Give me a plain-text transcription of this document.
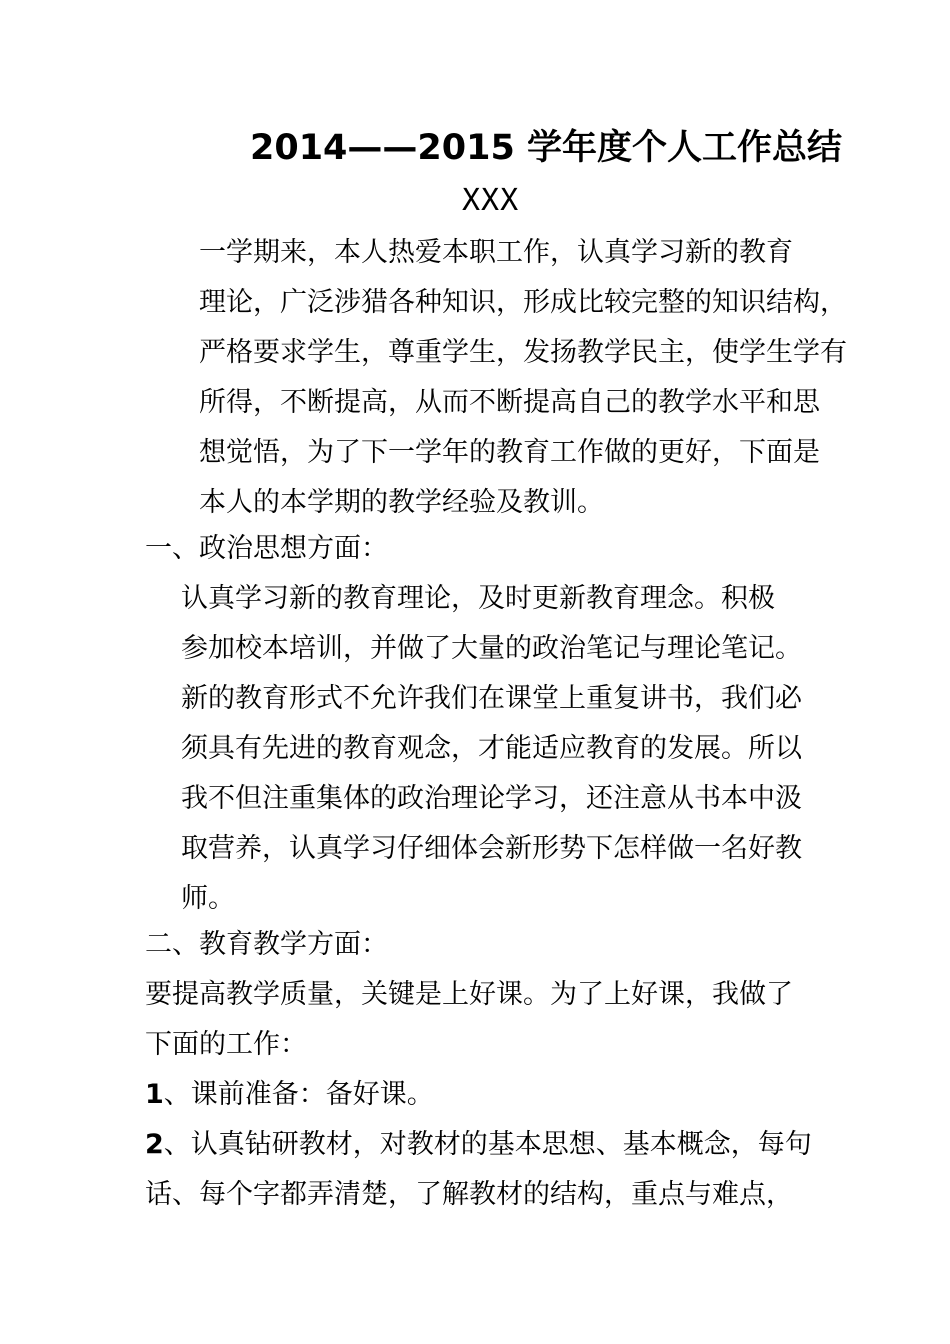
2014——2015 学年度个人工作总结
XXX
一学期来，本人热爱本职工作，认真学习新的教育
理论，广泛涉猎各种知识，形成比较完整的知识结构，
严格要求学生，尊重学生，发扬教学民主，使学生学有
所得，不断提高，从而不断提高自己的教学水平和思
想觉悟，为了下一学年的教育工作做的更好，下面是
本人的本学期的教学经验及教训。
一、政治思想方面：
认真学习新的教育理论，及时更新教育理念。积极
参加校本培训，并做了大量的政治笔记与理论笔记。
新的教育形式不允许我们在课堂上重复讲书，我们必
须具有先进的教育观念，才能适应教育的发展。所以
我不但注重集体的政治理论学习，还注意从书本中汲
取营养，认真学习仔细体会新形势下怎样做一名好教
师。
二、教育教学方面：
要提高教学质量，关键是上好课。为了上好课，我做了
下面的工作：
1、课前准备：备好课。
2、认真钻研教材，对教材的基本思想、基本概念，每句
话、每个字都弄清楚，了解教材的结构，重点与难点，
